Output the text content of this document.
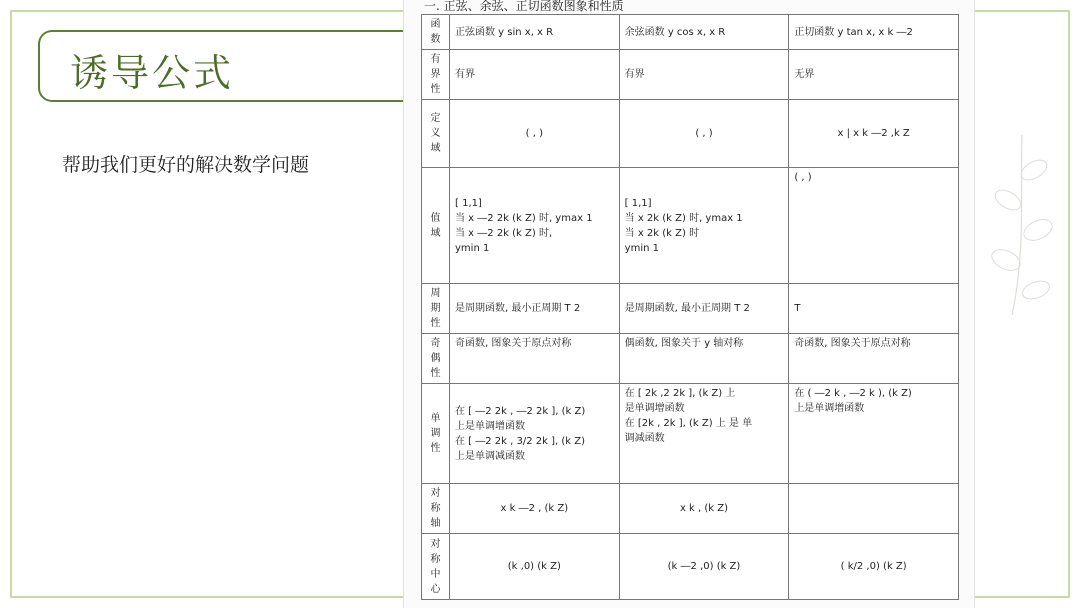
诱导公式
帮助我们更好的解决数学问题
一. 正弦、余弦、正切函数图象和性质
函
数	正弦函数 y sin x, x R	余弦函数 y cos x, x R	正切函数 y tan x, x k ―2
有
界
性	有界	有界	无界
定
义
域	( , )	( , )	x | x k ―2 ,k Z
值
域	[ 1,1]
当 x ―2 2k (k Z) 时, ymax 1
当 x ―2 2k (k Z) 时,
ymin 1	[ 1,1]
当 x 2k (k Z) 时, ymax 1
当 x 2k (k Z) 时
ymin 1	( , )
周
期
性	是周期函数, 最小正周期 T 2	是周期函数, 最小正周期 T 2	T
奇
偶
性	奇函数, 图象关于原点对称	偶函数, 图象关于 y 轴对称	奇函数, 图象关于原点对称
单
调
性	在 [ ―2 2k , ―2 2k ], (k Z)
上是单调增函数
在 [ ―2 2k , 3/2 2k ], (k Z)
上是单调减函数	在 [ 2k ,2 2k ], (k Z) 上
是单调增函数
在 [2k , 2k ], (k Z) 上 是 单
调减函数	在 ( ―2 k , ―2 k ), (k Z)
上是单调增函数
对
称
轴	x k ―2 , (k Z)	x k , (k Z)	
对
称
中
心	(k ,0) (k Z)	(k ―2 ,0) (k Z)	( k/2 ,0) (k Z)
